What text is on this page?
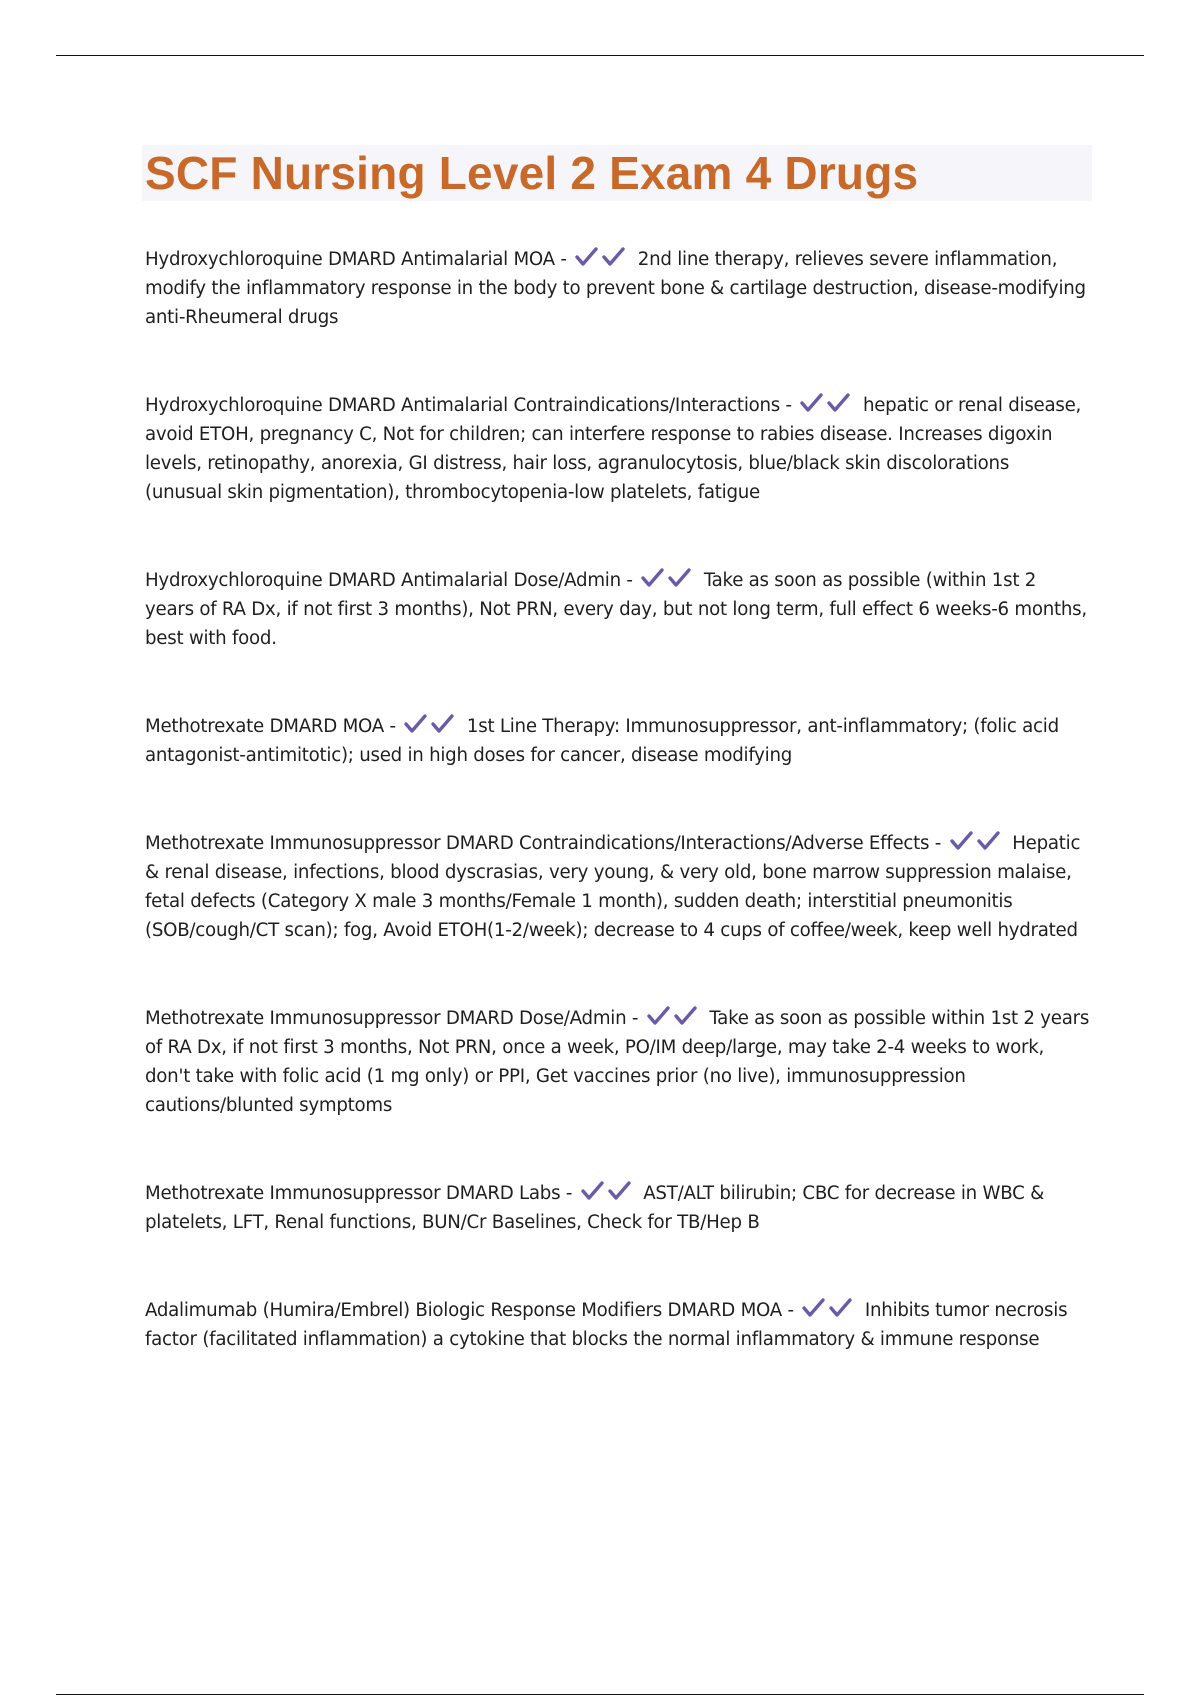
SCF Nursing Level 2 Exam 4 Drugs

Hydroxychloroquine DMARD Antimalarial MOA -	2nd line therapy, relieves severe inflammation, modify the inflammatory response in the body to prevent bone & cartilage destruction, disease-modifying anti-Rheumeral drugs

Hydroxychloroquine DMARD Antimalarial Contraindications/Interactions -	hepatic or renal disease, avoid ETOH, pregnancy C, Not for children; can interfere response to rabies disease. Increases digoxin levels, retinopathy, anorexia, GI distress, hair loss, agranulocytosis, blue/black skin discolorations (unusual skin pigmentation), thrombocytopenia-low platelets, fatigue

Hydroxychloroquine DMARD Antimalarial Dose/Admin -	Take as soon as possible (within 1st 2 years of RA Dx, if not first 3 months), Not PRN, every day, but not long term, full effect 6 weeks-6 months, best with food.

Methotrexate DMARD MOA -	1st Line Therapy: Immunosuppressor, ant-inflammatory; (folic acid antagonist-antimitotic); used in high doses for cancer, disease modifying

Methotrexate Immunosuppressor DMARD Contraindications/Interactions/Adverse Effects -	Hepatic & renal disease, infections, blood dyscrasias, very young, & very old, bone marrow suppression malaise, fetal defects (Category X male 3 months/Female 1 month), sudden death; interstitial pneumonitis (SOB/cough/CT scan); fog, Avoid ETOH(1-2/week); decrease to 4 cups of coffee/week, keep well hydrated

Methotrexate Immunosuppressor DMARD Dose/Admin -	Take as soon as possible within 1st 2 years of RA Dx, if not first 3 months, Not PRN, once a week, PO/IM deep/large, may take 2-4 weeks to work, don't take with folic acid (1 mg only) or PPI, Get vaccines prior (no live), immunosuppression cautions/blunted symptoms

Methotrexate Immunosuppressor DMARD Labs -	AST/ALT bilirubin; CBC for decrease in WBC & platelets, LFT, Renal functions, BUN/Cr Baselines, Check for TB/Hep B

Adalimumab (Humira/Embrel) Biologic Response Modifiers DMARD MOA -	Inhibits tumor necrosis factor (facilitated inflammation) a cytokine that blocks the normal inflammatory & immune response
